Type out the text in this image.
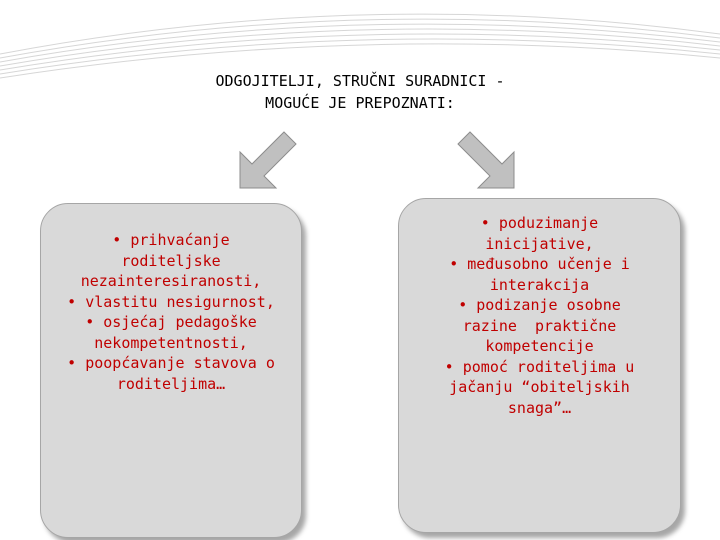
ODGOJITELJI, STRUČNI SURADNICI -
MOGUĆE JE PREPOZNATI:
• prihvaćanje
roditeljske
nezainteresiranosti,
• vlastitu nesigurnost,
• osjećaj pedagoške
nekompetentnosti,
• poopćavanje stavova o
roditeljima…
• poduzimanje
inicijative,
• međusobno učenje i
interakcija
• podizanje osobne
razine  praktične
kompetencije
• pomoć roditeljima u
jačanju “obiteljskih
snaga”…
